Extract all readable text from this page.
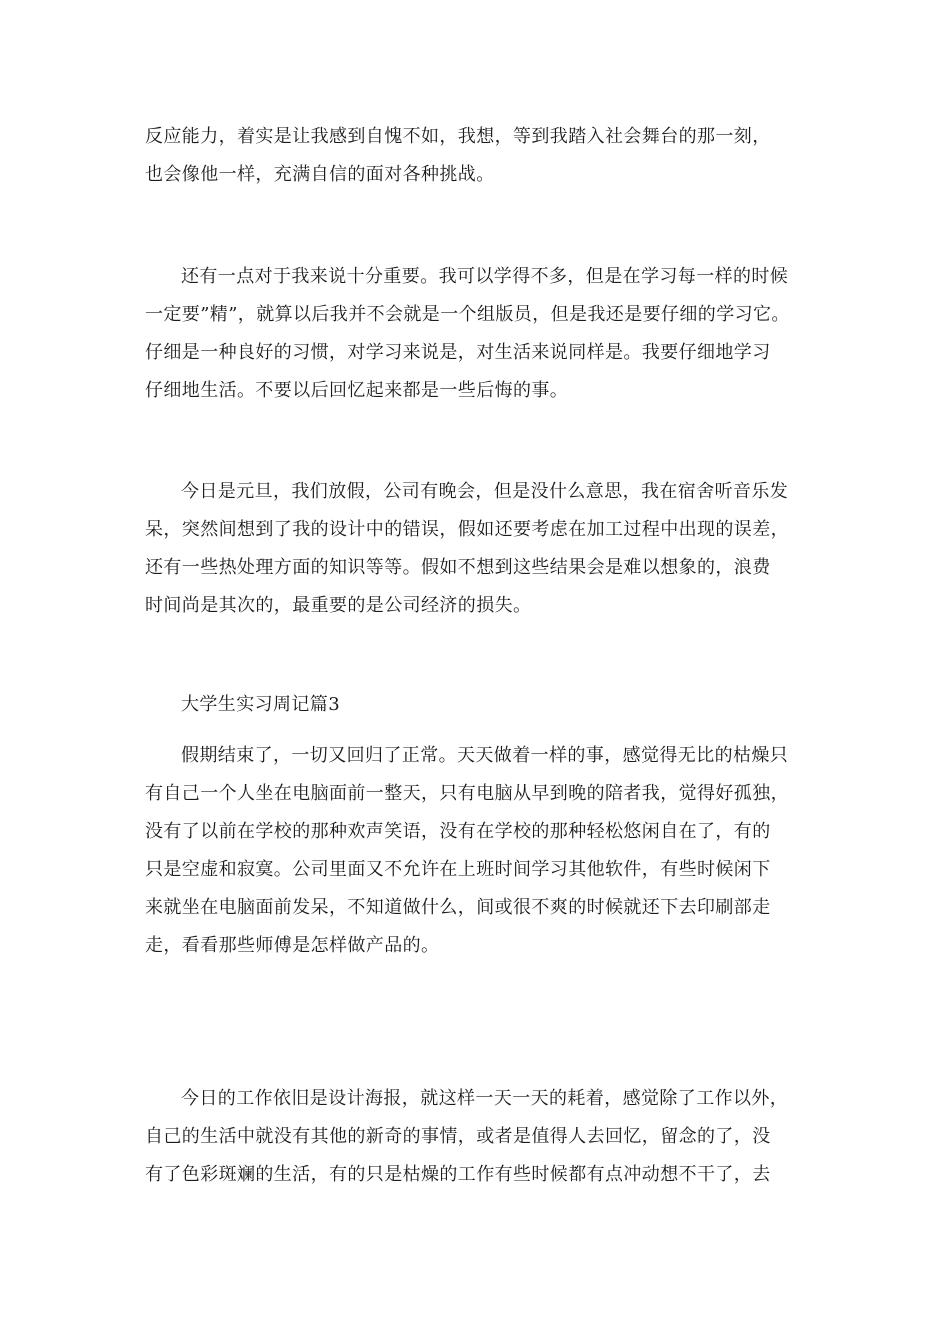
反应能力，着实是让我感到自愧不如，我想，等到我踏入社会舞台的那一刻，
也会像他一样，充满自信的面对各种挑战。
还有一点对于我来说十分重要。我可以学得不多，但是在学习每一样的时候
一定要”精”，就算以后我并不会就是一个组版员，但是我还是要仔细的学习它。
仔细是一种良好的习惯，对学习来说是，对生活来说同样是。我要仔细地学习
仔细地生活。不要以后回忆起来都是一些后悔的事。
今日是元旦，我们放假，公司有晚会，但是没什么意思，我在宿舍听音乐发
呆，突然间想到了我的设计中的错误，假如还要考虑在加工过程中出现的误差，
还有一些热处理方面的知识等等。假如不想到这些结果会是难以想象的，浪费
时间尚是其次的，最重要的是公司经济的损失。
大学生实习周记篇3
假期结束了，一切又回归了正常。天天做着一样的事，感觉得无比的枯燥只
有自己一个人坐在电脑面前一整天，只有电脑从早到晚的陪者我，觉得好孤独，
没有了以前在学校的那种欢声笑语，没有在学校的那种轻松悠闲自在了，有的
只是空虚和寂寞。公司里面又不允许在上班时间学习其他软件，有些时候闲下
来就坐在电脑面前发呆，不知道做什么，间或很不爽的时候就还下去印刷部走
走，看看那些师傅是怎样做产品的。
今日的工作依旧是设计海报，就这样一天一天的耗着，感觉除了工作以外，
自己的生活中就没有其他的新奇的事情，或者是值得人去回忆，留念的了，没
有了色彩斑斓的生活，有的只是枯燥的工作有些时候都有点冲动想不干了，去
